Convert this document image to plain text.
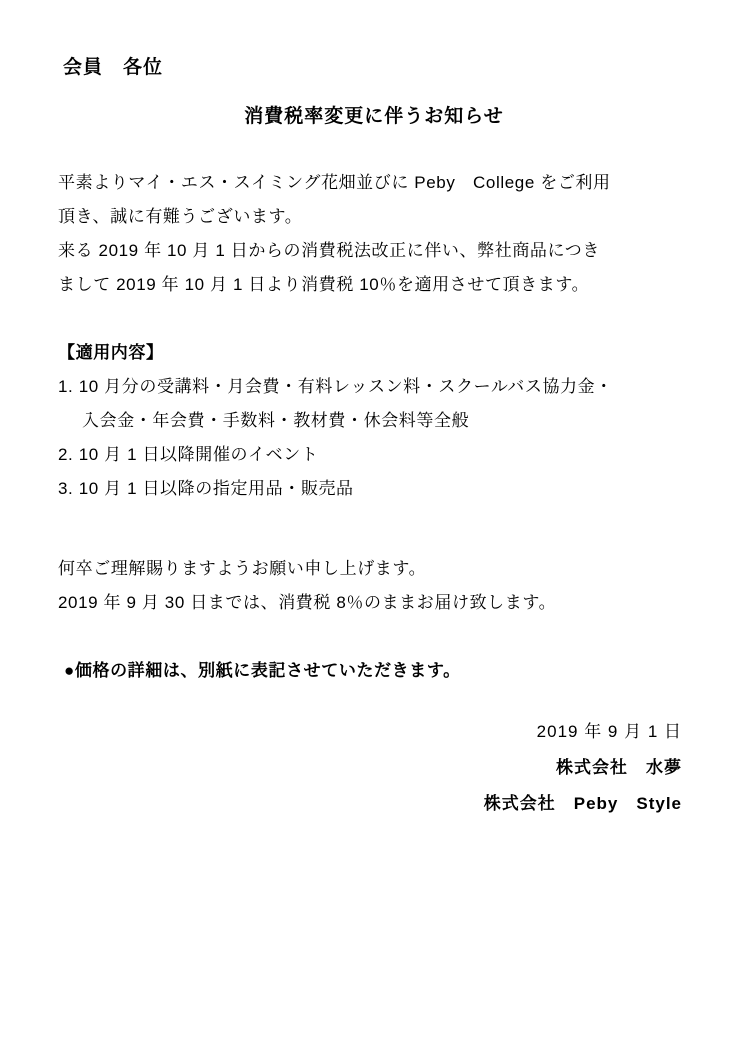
会員　各位
消費税率変更に伴うお知らせ

平素よりマイ・エス・スイミング花畑並びに Peby　College をご利用

頂き、誠に有難うございます。

来る 2019 年 10 月 1 日からの消費税法改正に伴い、弊社商品につき

まして 2019 年 10 月 1 日より消費税 10％を適用させて頂きます。

【適用内容】
1. 10 月分の受講料・月会費・有料レッスン料・スクールバス協力金・
入会金・年会費・手数料・教材費・休会料等全般
2. 10 月 1 日以降開催のイベント
3. 10 月 1 日以降の指定用品・販売品

何卒ご理解賜りますようお願い申し上げます。

2019 年 9 月 30 日までは、消費税 8％のままお届け致します。

●価格の詳細は、別紙に表記させていただきます。

2019 年 9 月 1 日
株式会社　水夢
株式会社　Peby　Style
